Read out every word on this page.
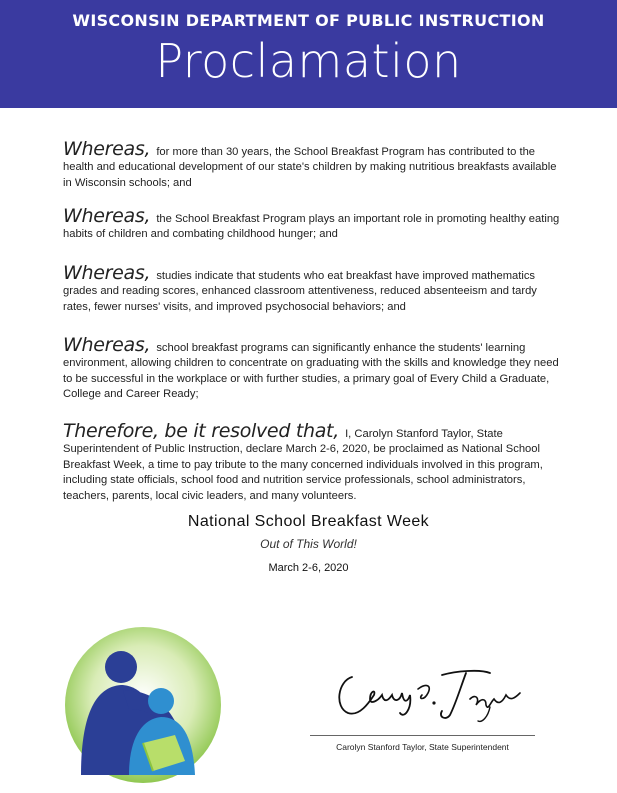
WISCONSIN DEPARTMENT OF PUBLIC INSTRUCTION
Proclamation
Whereas, for more than 30 years, the School Breakfast Program has contributed to the health and educational development of our state's children by making nutritious breakfasts available in Wisconsin schools; and
Whereas, the School Breakfast Program plays an important role in promoting healthy eating habits of children and combating childhood hunger; and
Whereas, studies indicate that students who eat breakfast have improved mathematics grades and reading scores, enhanced classroom attentiveness, reduced absenteeism and tardy rates, fewer nurses' visits, and improved psychosocial behaviors; and
Whereas, school breakfast programs can significantly enhance the students' learning environment, allowing children to concentrate on graduating with the skills and knowledge they need to be successful in the workplace or with further studies, a primary goal of Every Child a Graduate, College and Career Ready;
Therefore, be it resolved that, I, Carolyn Stanford Taylor, State Superintendent of Public Instruction, declare March 2-6, 2020, be proclaimed as National School Breakfast Week, a time to pay tribute to the many concerned individuals involved in this program, including state officials, school food and nutrition service professionals, school administrators, teachers, parents, local civic leaders, and many volunteers.
National School Breakfast Week
Out of This World!
March 2-6, 2020
Carolyn Stanford Taylor, State Superintendent
